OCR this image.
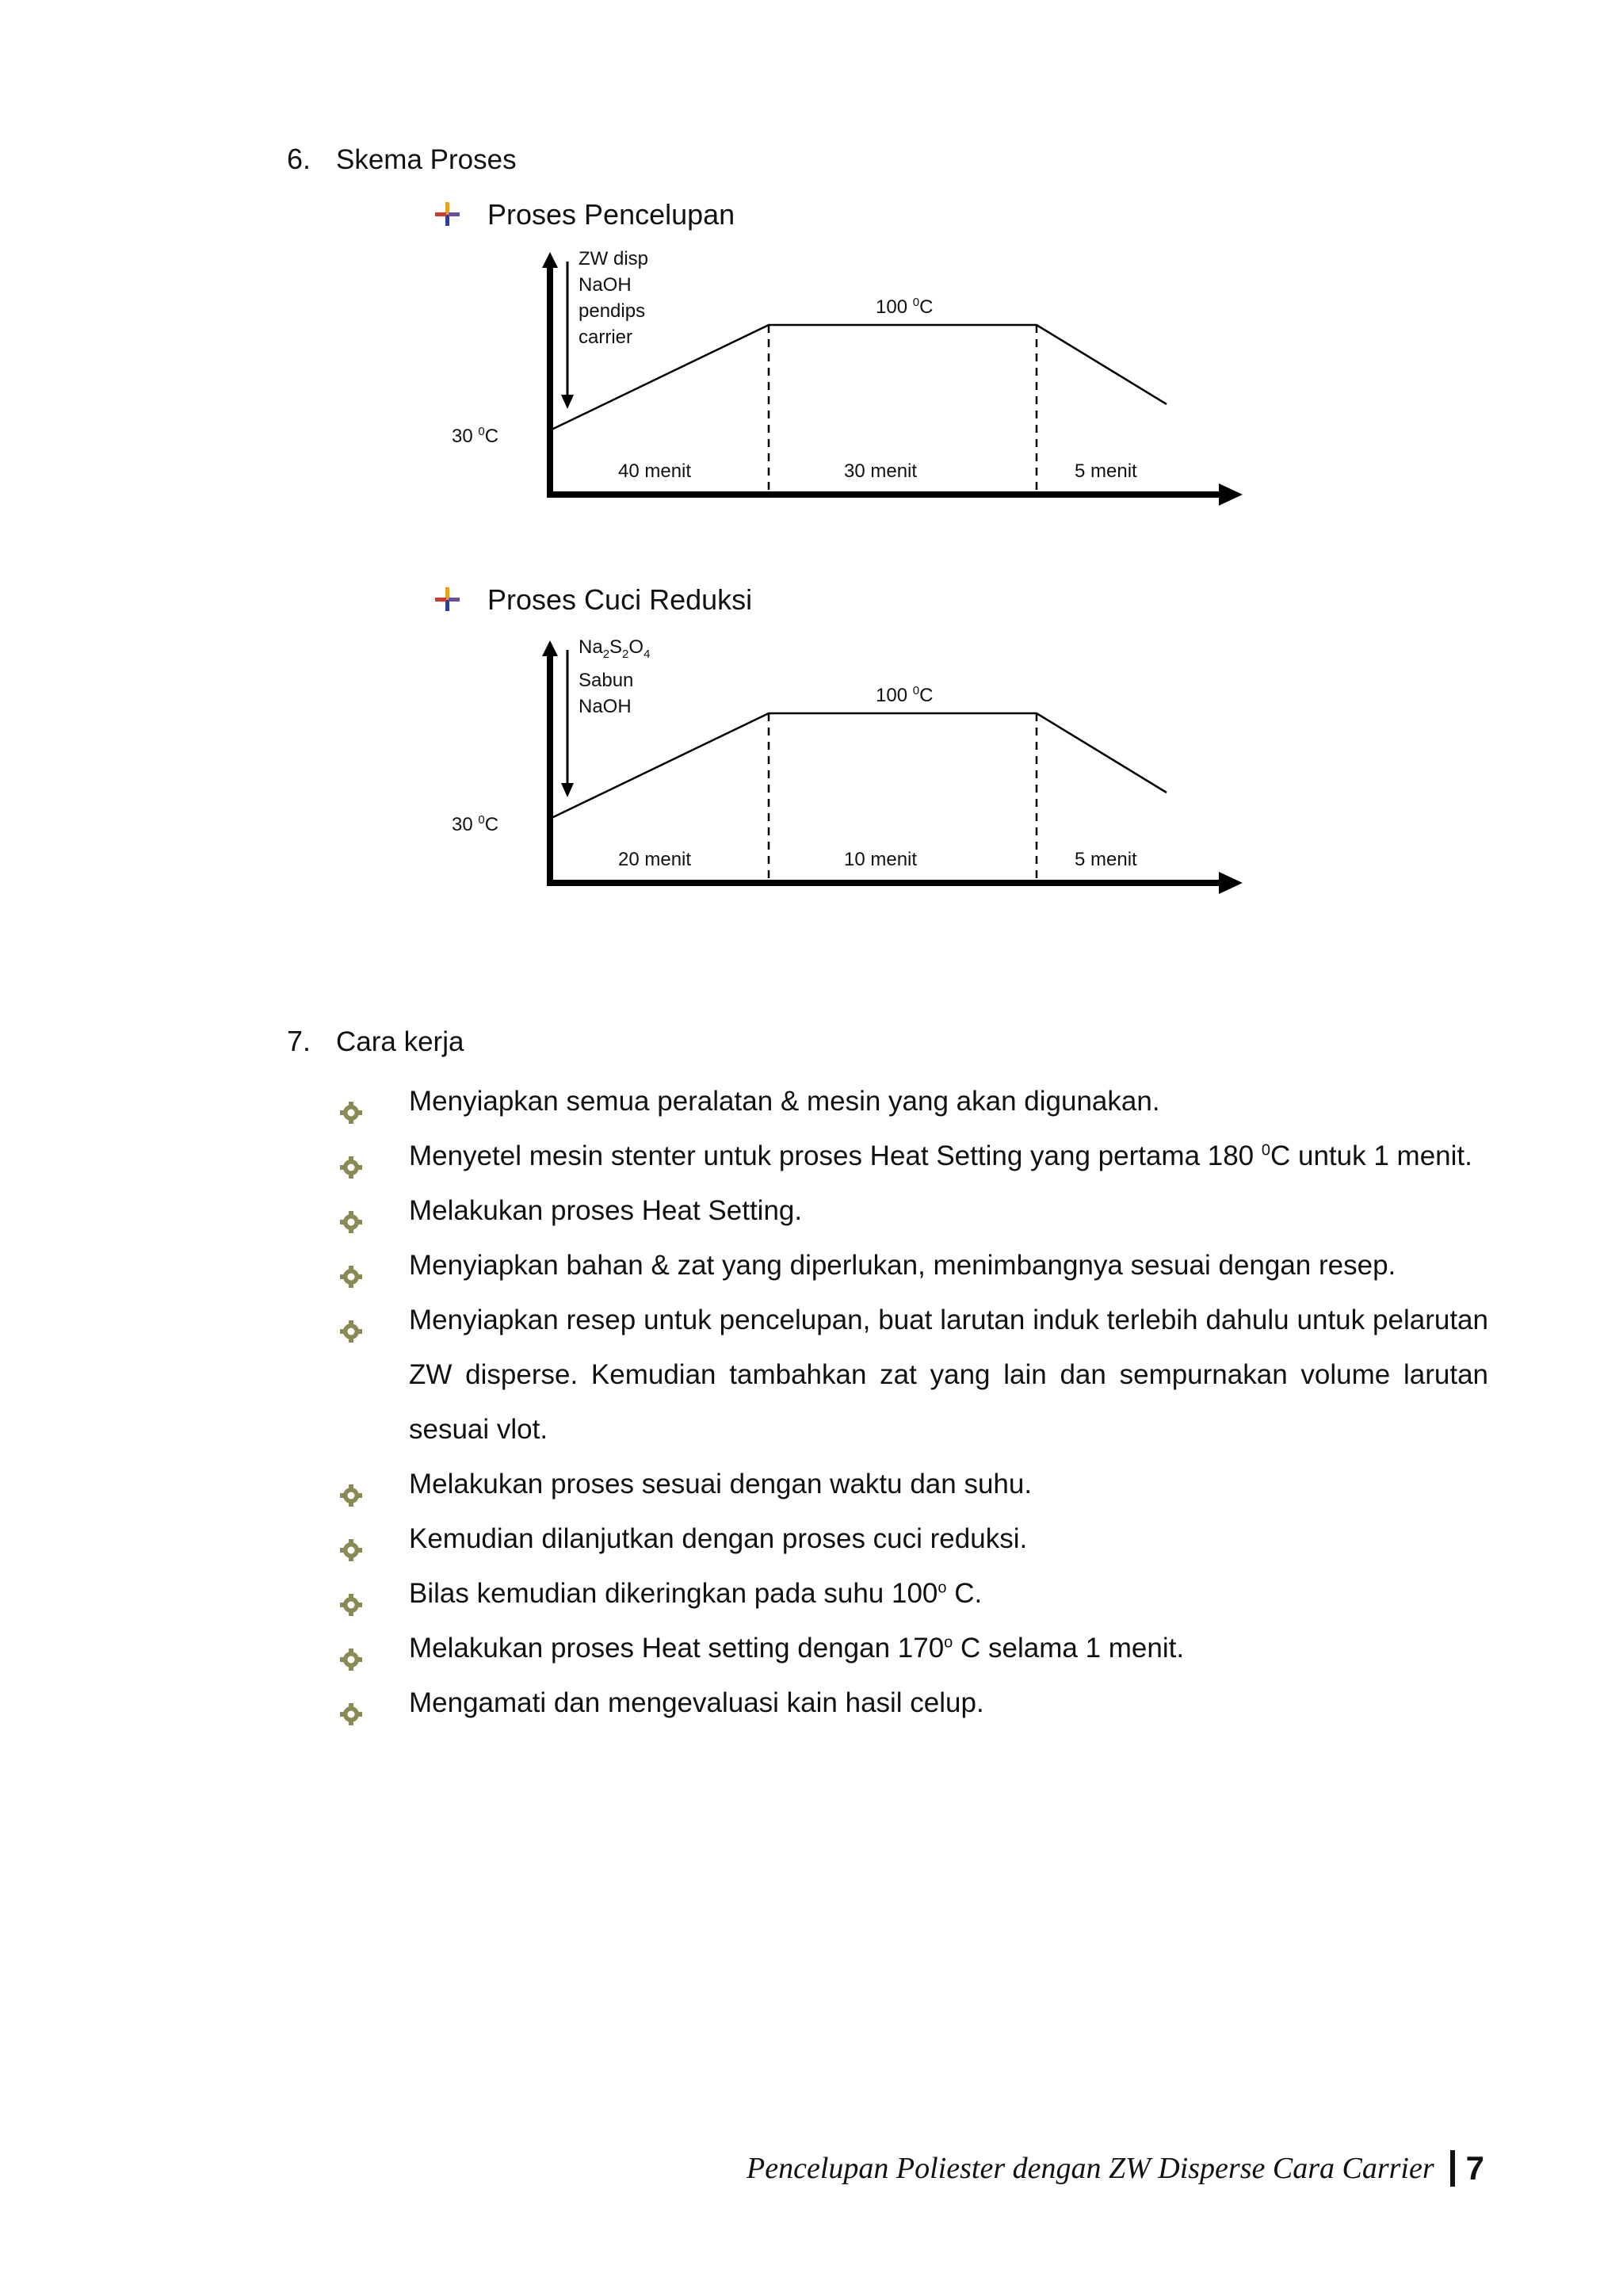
6. Skema Proses
Proses Pencelupan
ZW disp
NaOH
pendips
carrier
100 $^0$C
30 $^0$C
40 menit	30 menit	5 menit
Proses Cuci Reduksi
$Na_2S_2O_4$
Sabun
NaOH
100 $^0$C
30 $^0$C
20 menit	10 menit	5 menit
7. Cara kerja
Menyiapkan semua peralatan & mesin yang akan digunakan.
Menyetel mesin stenter untuk proses Heat Setting yang pertama 180 $^0$C untuk 1 menit.
Melakukan proses Heat Setting.
Menyiapkan bahan & zat yang diperlukan, menimbangnya sesuai dengan resep.
Menyiapkan resep untuk pencelupan, buat larutan induk terlebih dahulu untuk pelarutan ZW disperse. Kemudian tambahkan zat yang lain dan sempurnakan volume larutan sesuai vlot.
Melakukan proses sesuai dengan waktu dan suhu.
Kemudian dilanjutkan dengan proses cuci reduksi.
Bilas kemudian dikeringkan pada suhu 100$^o$ C.
Melakukan proses Heat setting dengan 170$^o$ C selama 1 menit.
Mengamati dan mengevaluasi kain hasil celup.
Pencelupan Poliester dengan ZW Disperse Cara Carrier 7
